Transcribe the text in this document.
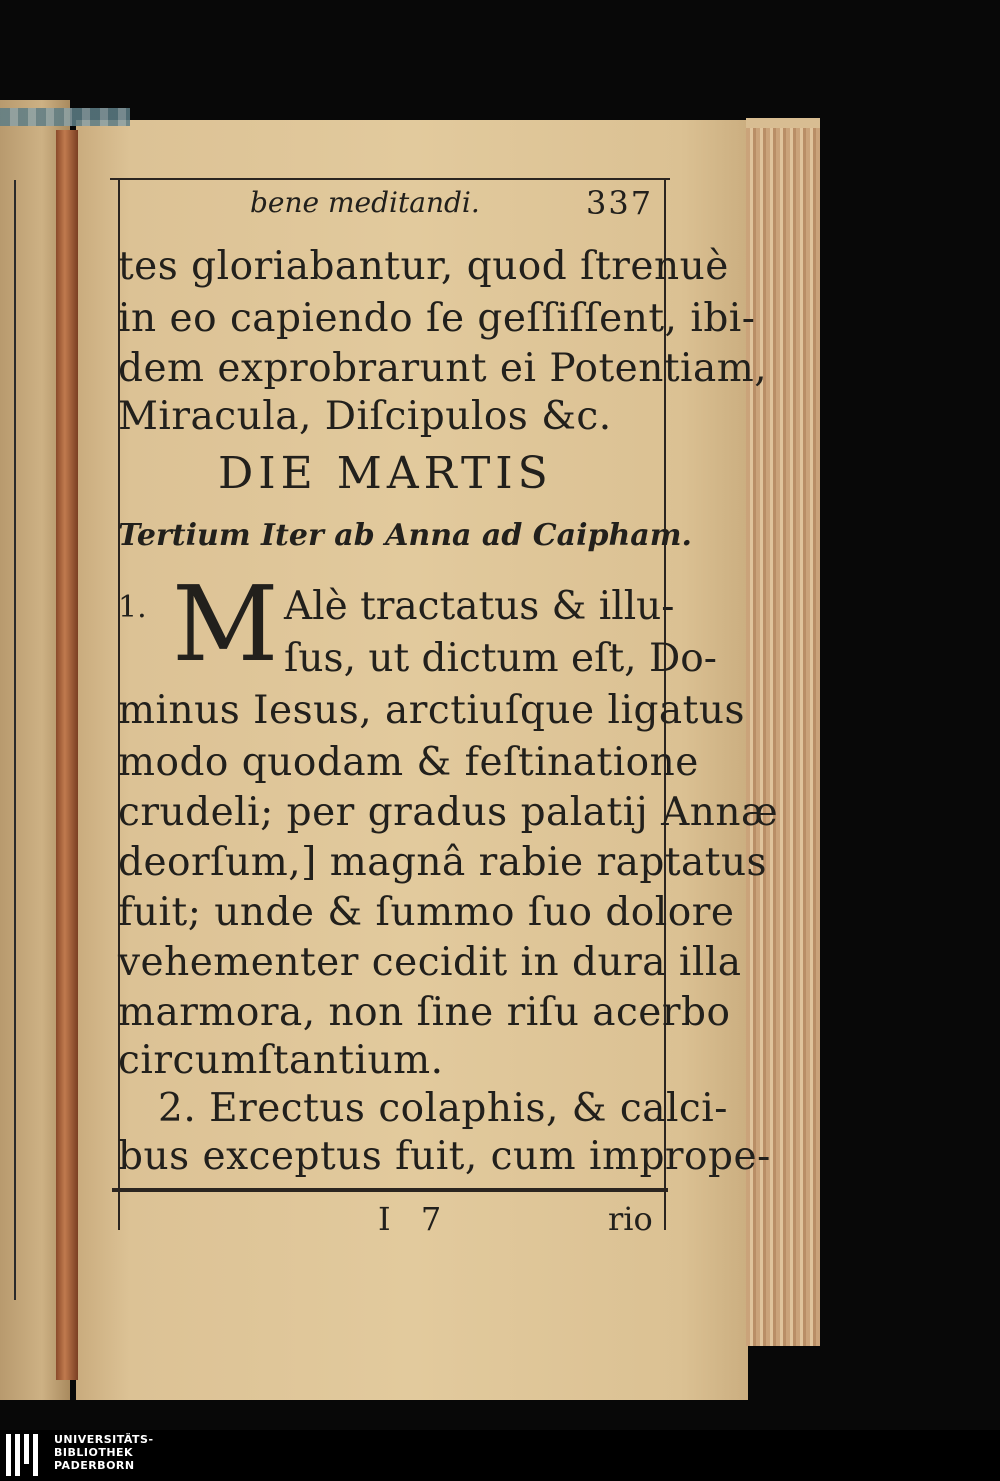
bene meditandi.	337
tes gloriabantur, quod ſtrenuè
in eo capiendo ſe geſſiſſent, ibi-
dem exprobrarunt ei Potentiam,
Miracula, Diſcipulos &c.
DIE MARTIS
Tertium Iter ab Anna ad Caipham.
1. M Alè tractatus & illu-
ſus, ut dictum eſt, Do-
minus Iesus, arctiuſque ligatus
modo quodam & feſtinatione
crudeli; per gradus palatij Annæ
deorſum,] magnâ rabie raptatus
fuit; unde & ſummo ſuo dolore
vehementer cecidit in dura illa
marmora, non ſine riſu acerbo
circumſtantium.
2. Erectus colaphis, & calci-
bus exceptus fuit, cum imprope-
I 7	rio
UNIVERSITÄTS-
BIBLIOTHEK
PADERBORN
